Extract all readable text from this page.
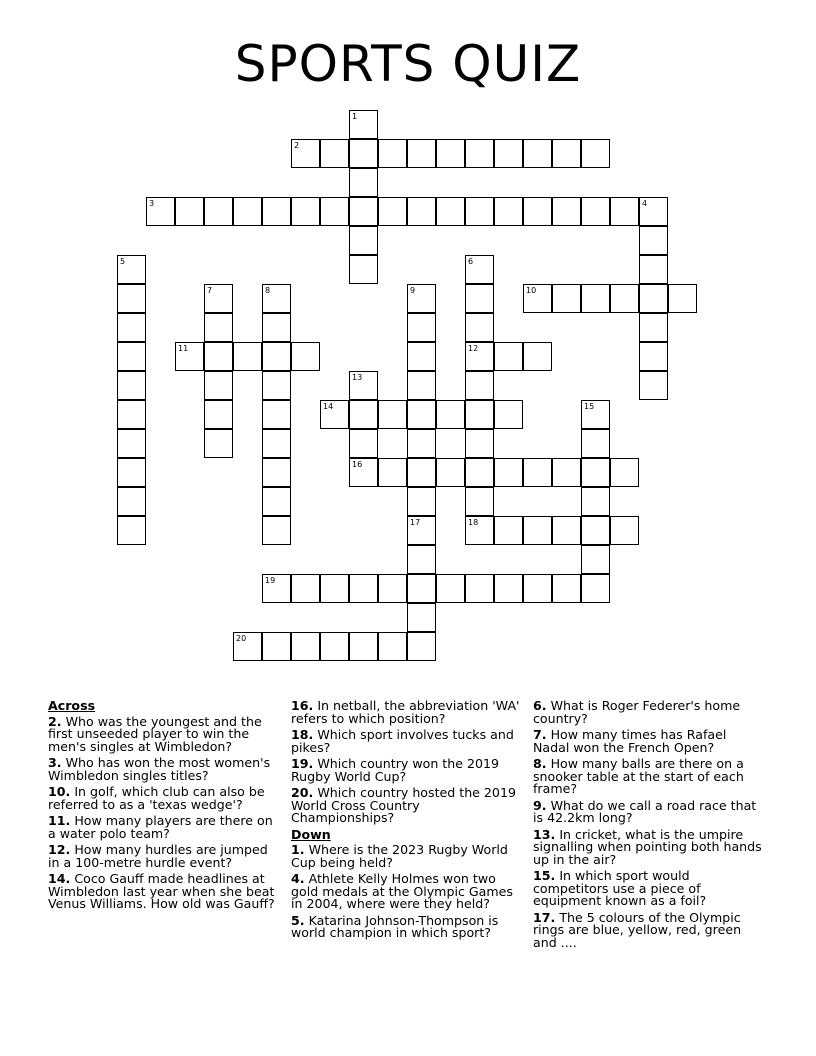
SPORTS QUIZ
1
2
3	4
5	6
12
18
7	8	9	10
11
13
14	15
16
17
19
20
Across
2. Who was the youngest and the first unseeded player to win the men's singles at Wimbledon?
3. Who has won the most women's Wimbledon singles titles?
10. In golf, which club can also be referred to as a 'texas wedge'?
11. How many players are there on a water polo team?
12. How many hurdles are jumped in a 100-metre hurdle event?
14. Coco Gauff made headlines at Wimbledon last year when she beat Venus Williams. How old was Gauff?
16. In netball, the abbreviation 'WA' refers to which position?
18. Which sport involves tucks and pikes?
19. Which country won the 2019 Rugby World Cup?
20. Which country hosted the 2019 World Cross Country Championships?
Down
1. Where is the 2023 Rugby World Cup being held?
4. Athlete Kelly Holmes won two gold medals at the Olympic Games in 2004, where were they held?
5. Katarina Johnson-Thompson is world champion in which sport?
6. What is Roger Federer's home country?
7. How many times has Rafael Nadal won the French Open?
8. How many balls are there on a snooker table at the start of each frame?
9. What do we call a road race that is 42.2km long?
13. In cricket, what is the umpire signalling when pointing both hands up in the air?
15. In which sport would competitors use a piece of equipment known as a foil?
17. The 5 colours of the Olympic rings are blue, yellow, red, green and ....
